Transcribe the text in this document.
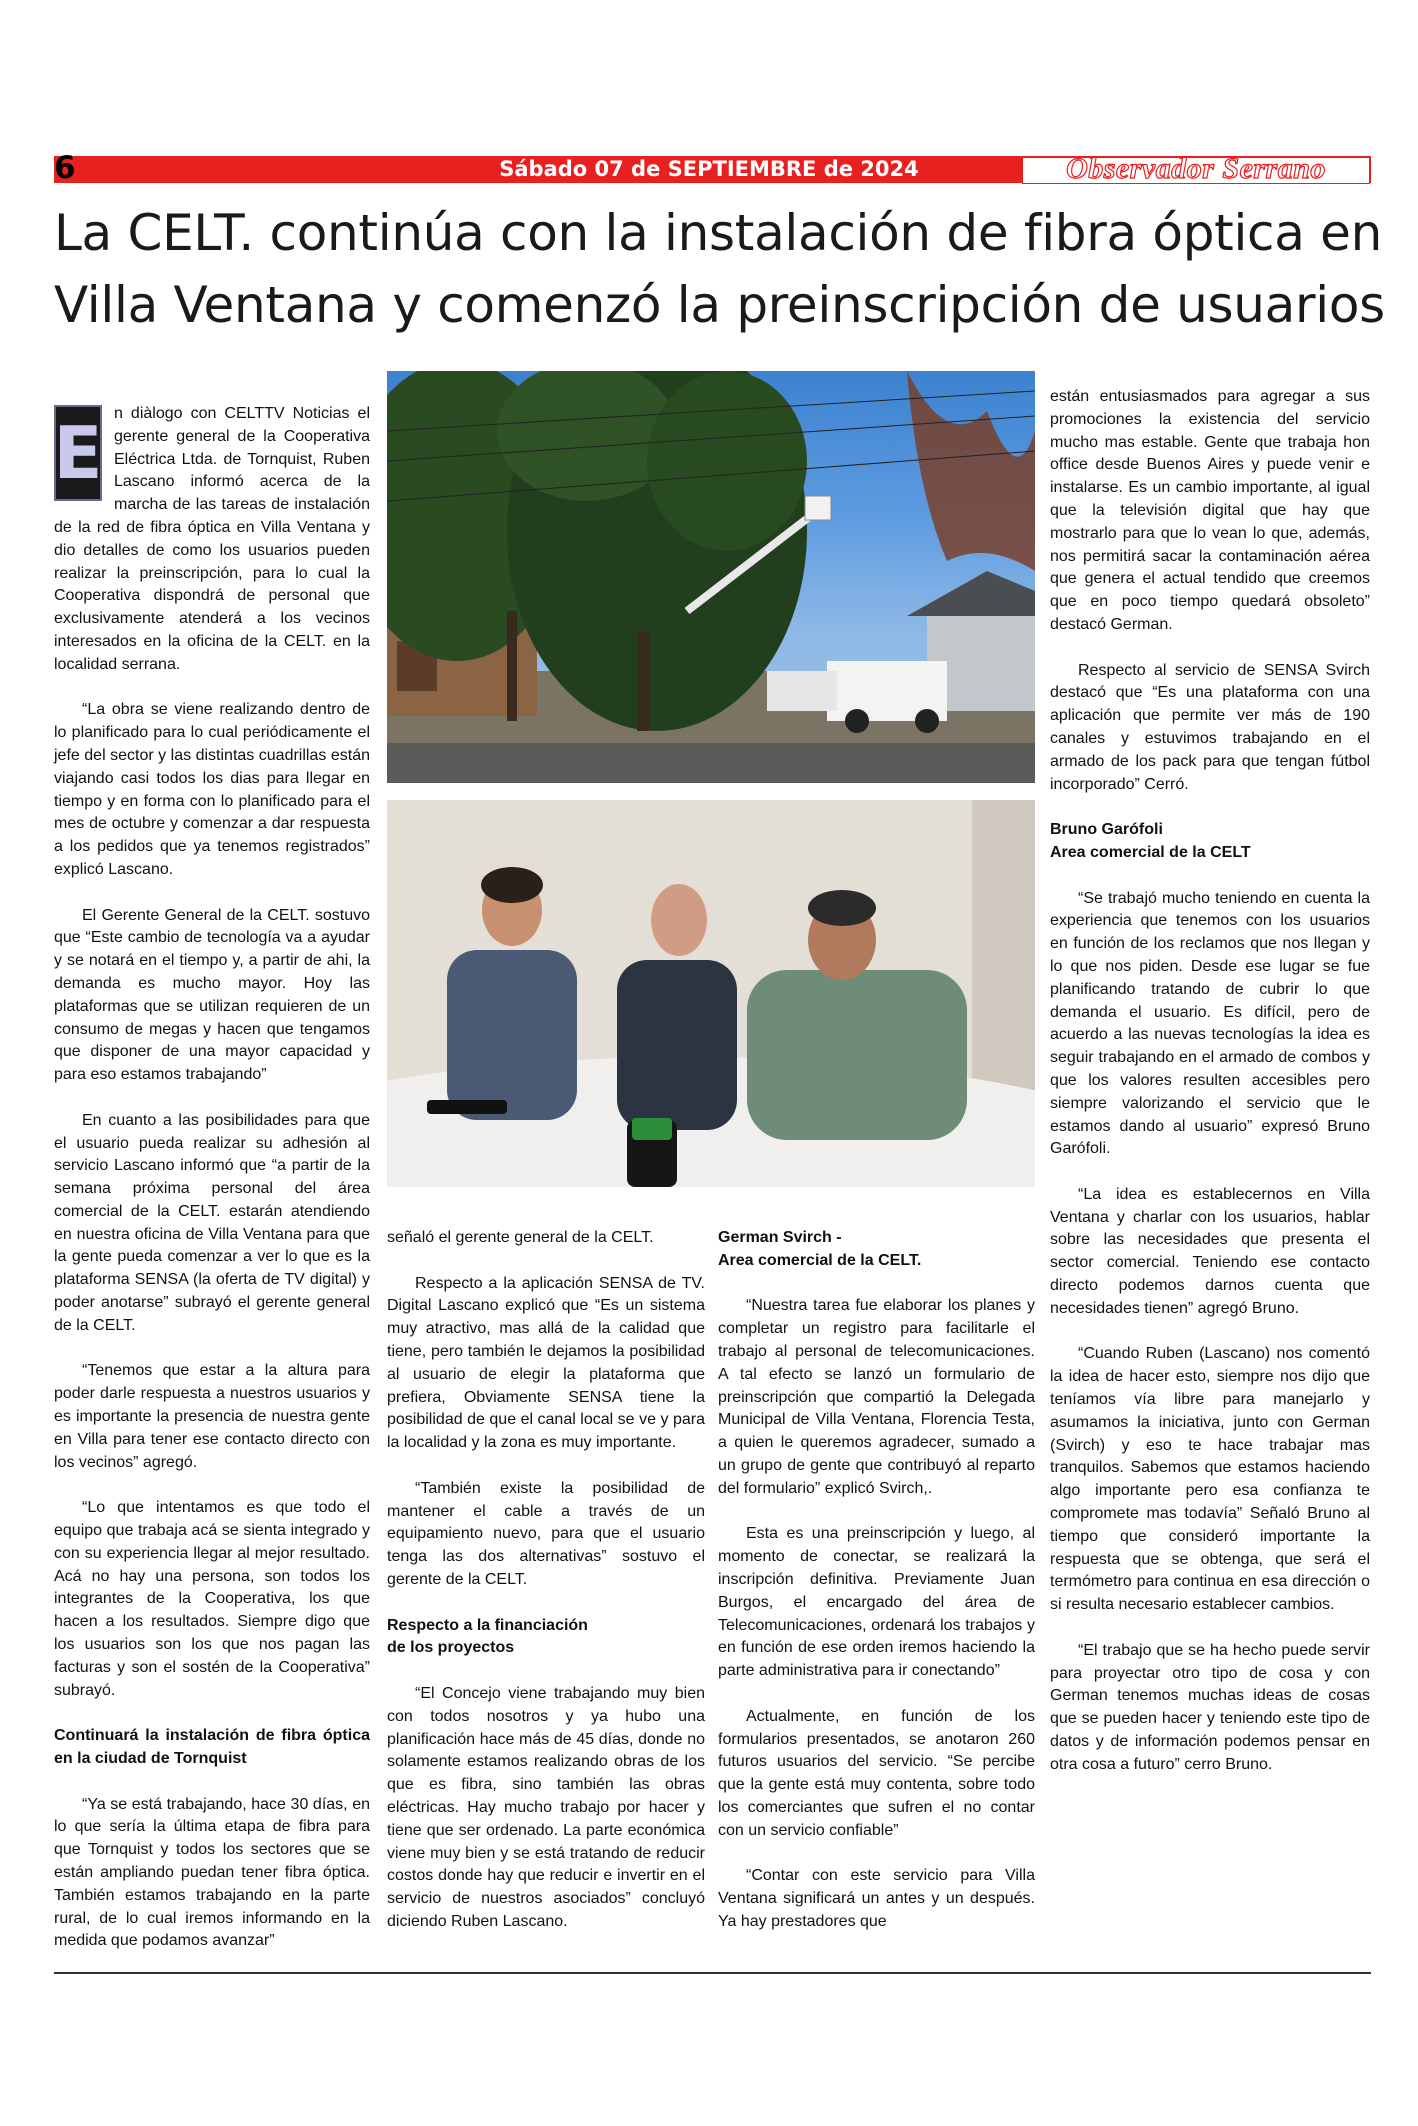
6	Sábado 07 de SEPTIEMBRE de 2024	Observador Serrano
La CELT. continúa con la instalación de fibra óptica en
Villa Ventana y comenzó la preinscripción de usuarios

E n diàlogo con CELTTV Noticias el gerente general de la Cooperativa Eléctrica Ltda. de Tornquist, Ruben Lascano informó acerca de la marcha de las tareas de instalación de la red de fibra óptica en Villa Ventana y dio detalles de como los usuarios pueden realizar la preinscripción, para lo cual la Cooperativa dispondrá de personal que exclusivamente atenderá a los vecinos interesados en la oficina de la CELT. en la localidad serrana.

“La obra se viene realizando dentro de lo planificado para lo cual periódicamente el jefe del sector y las distintas cuadrillas están viajando casi todos los dias para llegar en tiempo y en forma con lo planificado para el mes de octubre y comenzar a dar respuesta a los pedidos que ya tenemos registrados” explicó Lascano.

El Gerente General de la CELT. sostuvo que “Este cambio de tecnología va a ayudar y se notará en el tiempo y, a partir de ahi, la demanda es mucho mayor. Hoy las plataformas que se utilizan requieren de un consumo de megas y hacen que tengamos que disponer de una mayor capacidad y para eso estamos trabajando”

En cuanto a las posibilidades para que el usuario pueda realizar su adhesión al servicio Lascano informó que “a partir de la semana próxima personal del área comercial de la CELT. estarán atendiendo en nuestra oficina de Villa Ventana para que la gente pueda comenzar a ver lo que es la plataforma SENSA (la oferta de TV digital) y poder anotarse” subrayó el gerente general de la CELT.

“Tenemos que estar a la altura para poder darle respuesta a nuestros usuarios y es importante la presencia de nuestra gente en Villa para tener ese contacto directo con los vecinos” agregó.

“Lo que intentamos es que todo el equipo que trabaja acá se sienta integrado y con su experiencia llegar al mejor resultado. Acá no hay una persona, son todos los integrantes de la Cooperativa, los que hacen a los resultados. Siempre digo que los usuarios son los que nos pagan las facturas y son el sostén de la Cooperativa” subrayó.

Continuará la instalación de fibra óptica en la ciudad de Tornquist

“Ya se está trabajando, hace 30 días, en lo que sería la última etapa de fibra para que Tornquist y todos los sectores que se están ampliando puedan tener fibra óptica. También estamos trabajando en la parte rural, de lo cual iremos informando en la medida que podamos avanzar”

señaló el gerente general de la CELT.

Respecto a la aplicación SENSA de TV. Digital Lascano explicó que “Es un sistema muy atractivo, mas allá de la calidad que tiene, pero también le dejamos la posibilidad al usuario de elegir la plataforma que prefiera, Obviamente SENSA tiene la posibilidad de que el canal local se ve y para la localidad y la zona es muy importante.

“También existe la posibilidad de mantener el cable a través de un equipamiento nuevo, para que el usuario tenga las dos alternativas” sostuvo el gerente de la CELT.

Respecto a la financiación
de los proyectos

“El Concejo viene trabajando muy bien con todos nosotros y ya hubo una planificación hace más de 45 días, donde no solamente estamos realizando obras de los que es fibra, sino también las obras eléctricas. Hay mucho trabajo por hacer y tiene que ser ordenado. La parte económica viene muy bien y se está tratando de reducir costos donde hay que reducir e invertir en el servicio de nuestros asociados” concluyó diciendo Ruben Lascano.

German Svirch -
Area comercial de la CELT.

“Nuestra tarea fue elaborar los planes y completar un registro para facilitarle el trabajo al personal de telecomunicaciones. A tal efecto se lanzó un formulario de preinscripción que compartió la Delegada Municipal de Villa Ventana, Florencia Testa, a quien le queremos agradecer, sumado a un grupo de gente que contribuyó al reparto del formulario” explicó Svirch,.

Esta es una preinscripción y luego, al momento de conectar, se realizará la inscripción definitiva. Previamente Juan Burgos, el encargado del área de Telecomunicaciones, ordenará los trabajos y en función de ese orden iremos haciendo la parte administrativa para ir conectando”

Actualmente, en función de los formularios presentados, se anotaron 260 futuros usuarios del servicio. “Se percibe que la gente está muy contenta, sobre todo los comerciantes que sufren el no contar con un servicio confiable”

“Contar con este servicio para Villa Ventana significará un antes y un después. Ya hay prestadores que

están entusiasmados para agregar a sus promociones la existencia del servicio mucho mas estable. Gente que trabaja hon office desde Buenos Aires y puede venir e instalarse. Es un cambio importante, al igual que la televisión digital que hay que mostrarlo para que lo vean lo que, además, nos permitirá sacar la contaminación aérea que genera el actual tendido que creemos que en poco tiempo quedará obsoleto” destacó German.

Respecto al servicio de SENSA Svirch destacó que “Es una plataforma con una aplicación que permite ver más de 190 canales y estuvimos trabajando en el armado de los pack para que tengan fútbol incorporado” Cerró.

Bruno Garófoli
Area comercial de la CELT

“Se trabajó mucho teniendo en cuenta la experiencia que tenemos con los usuarios en función de los reclamos que nos llegan y lo que nos piden. Desde ese lugar se fue planificando tratando de cubrir lo que demanda el usuario. Es difícil, pero de acuerdo a las nuevas tecnologías la idea es seguir trabajando en el armado de combos y que los valores resulten accesibles pero siempre valorizando el servicio que le estamos dando al usuario” expresó Bruno Garófoli.

“La idea es establecernos en Villa Ventana y charlar con los usuarios, hablar sobre las necesidades que presenta el sector comercial. Teniendo ese contacto directo podemos darnos cuenta que necesidades tienen” agregó Bruno.

“Cuando Ruben (Lascano) nos comentó la idea de hacer esto, siempre nos dijo que teníamos vía libre para manejarlo y asumamos la iniciativa, junto con German (Svirch) y eso te hace trabajar mas tranquilos. Sabemos que estamos haciendo algo importante pero esa confianza te compromete mas todavía” Señaló Bruno al tiempo que consideró importante la respuesta que se obtenga, que será el termómetro para continua en esa dirección o si resulta necesario establecer cambios.

“El trabajo que se ha hecho puede servir para proyectar otro tipo de cosa y con German tenemos muchas ideas de cosas que se pueden hacer y teniendo este tipo de datos y de información podemos pensar en otra cosa a futuro” cerro Bruno.
